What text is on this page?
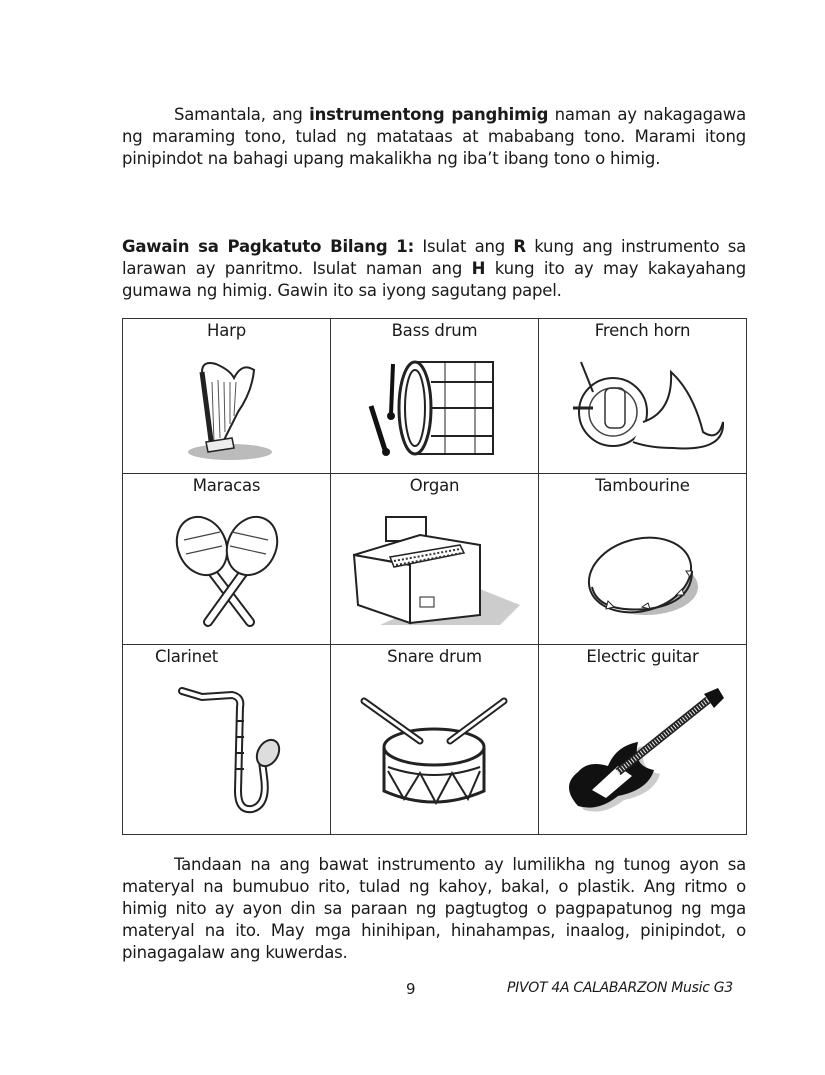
Samantala, ang instrumentong panghimig naman ay nakagagawa ng maraming tono, tulad ng matataas at mababang tono. Marami itong pinipindot na bahagi upang makalikha ng iba’t ibang tono o himig.

Gawain sa Pagkatuto Bilang 1: Isulat ang R kung ang instrumento sa larawan ay panritmo. Isulat naman ang H kung ito ay may kakayahang gumawa ng himig. Gawin ito sa iyong sagutang papel.

Harp	Bass drum	French horn

Maracas	Organ	Tambourine

Clarinet	Snare drum	Electric guitar

Tandaan na ang bawat instrumento ay lumilikha ng tunog ayon sa materyal na bumubuo rito, tulad ng kahoy, bakal, o plastik. Ang ritmo o himig nito ay ayon din sa paraan ng pagtugtog o pagpapatunog ng mga materyal na ito. May mga hinihipan, hinahampas, inaalog, pinipindot, o pinagagalaw ang kuwerdas.

9	PIVOT 4A CALABARZON Music G3
